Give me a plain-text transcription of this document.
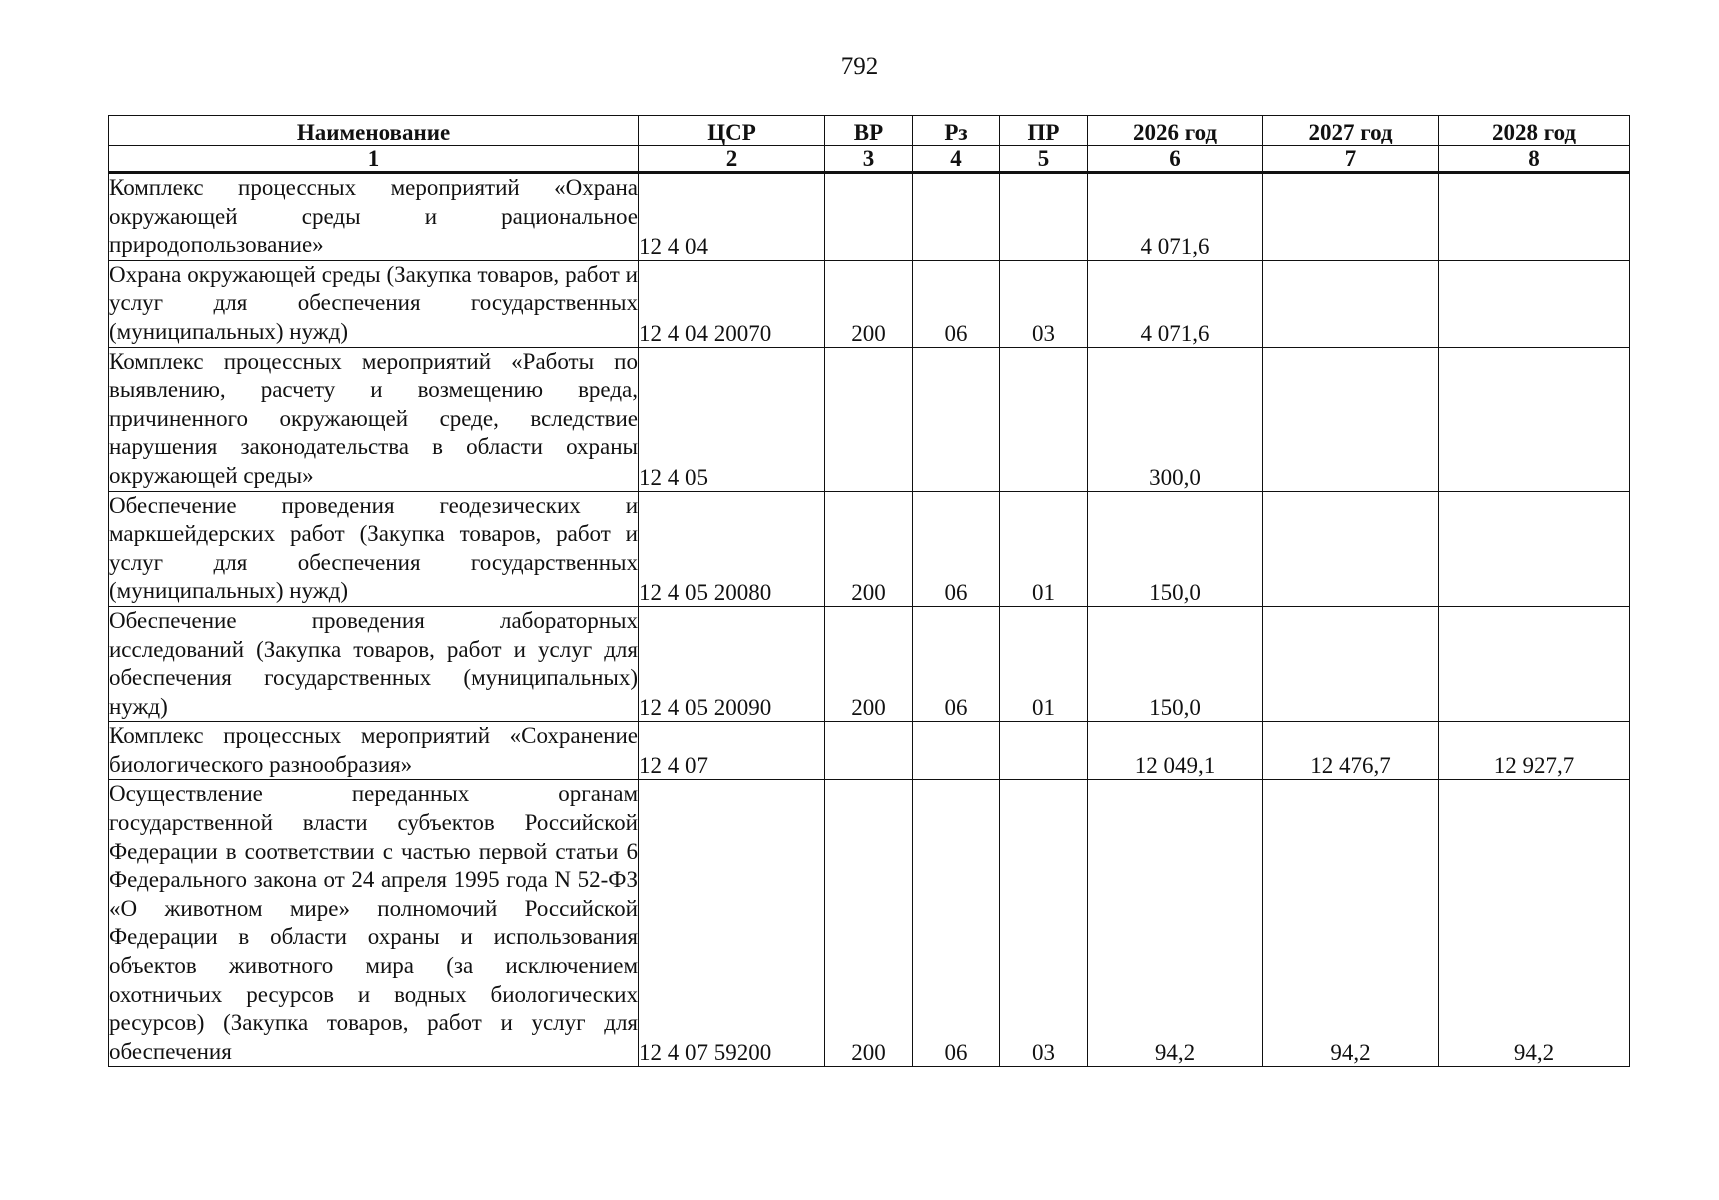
792
Наименование	ЦСР	ВР	Рз	ПР	2026 год	2027 год	2028 год
1	2	3	4	5	6	7	8
Комплекс процессных мероприятий «Охрана окружающей среды и рациональное природопользование»	12 4 04				4 071,6		
Охрана окружающей среды (Закупка товаров, работ и услуг для обеспечения государственных (муниципальных) нужд)	12 4 04 20070	200	06	03	4 071,6		
Комплекс процессных мероприятий «Работы по выявлению, расчету и возмещению вреда, причиненного окружающей среде, вследствие нарушения законодательства в области охраны окружающей среды»	12 4 05				300,0		
Обеспечение проведения геодезических и маркшейдерских работ (Закупка товаров, работ и услуг для обеспечения государственных (муниципальных) нужд)	12 4 05 20080	200	06	01	150,0		
Обеспечение проведения лабораторных исследований (Закупка товаров, работ и услуг для обеспечения государственных (муниципальных) нужд)	12 4 05 20090	200	06	01	150,0		
Комплекс процессных мероприятий «Сохранение биологического разнообразия»	12 4 07				12 049,1	12 476,7	12 927,7
Осуществление переданных органам государственной власти субъектов Российской Федерации в соответствии с частью первой статьи 6 Федерального закона от 24 апреля 1995 года N 52-ФЗ «О животном мире» полномочий Российской Федерации в области охраны и использования объектов животного мира (за исключением охотничьих ресурсов и водных биологических ресурсов) (Закупка товаров, работ и услуг для обеспечения	12 4 07 59200	200	06	03	94,2	94,2	94,2
